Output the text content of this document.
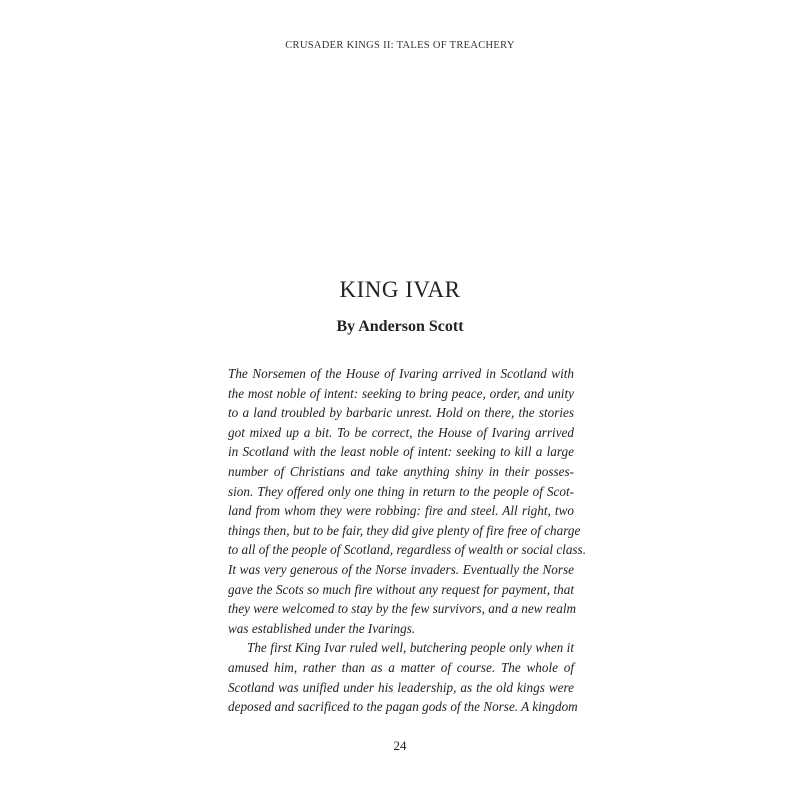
CRUSADER KINGS II: TALES OF TREACHERY
KING IVAR
By Anderson Scott
The Norsemen of the House of Ivaring arrived in Scotland with
the most noble of intent: seeking to bring peace, order, and unity
to a land troubled by barbaric unrest. Hold on there, the stories
got mixed up a bit. To be correct, the House of Ivaring arrived
in Scotland with the least noble of intent: seeking to kill a large
number of Christians and take anything shiny in their posses-
sion. They offered only one thing in return to the people of Scot-
land from whom they were robbing: fire and steel. All right, two
things then, but to be fair, they did give plenty of fire free of charge
to all of the people of Scotland, regardless of wealth or social class.
It was very generous of the Norse invaders. Eventually the Norse
gave the Scots so much fire without any request for payment, that
they were welcomed to stay by the few survivors, and a new realm
was established under the Ivarings.
The first King Ivar ruled well, butchering people only when it
amused him, rather than as a matter of course. The whole of
Scotland was unified under his leadership, as the old kings were
deposed and sacrificed to the pagan gods of the Norse. A kingdom
24
